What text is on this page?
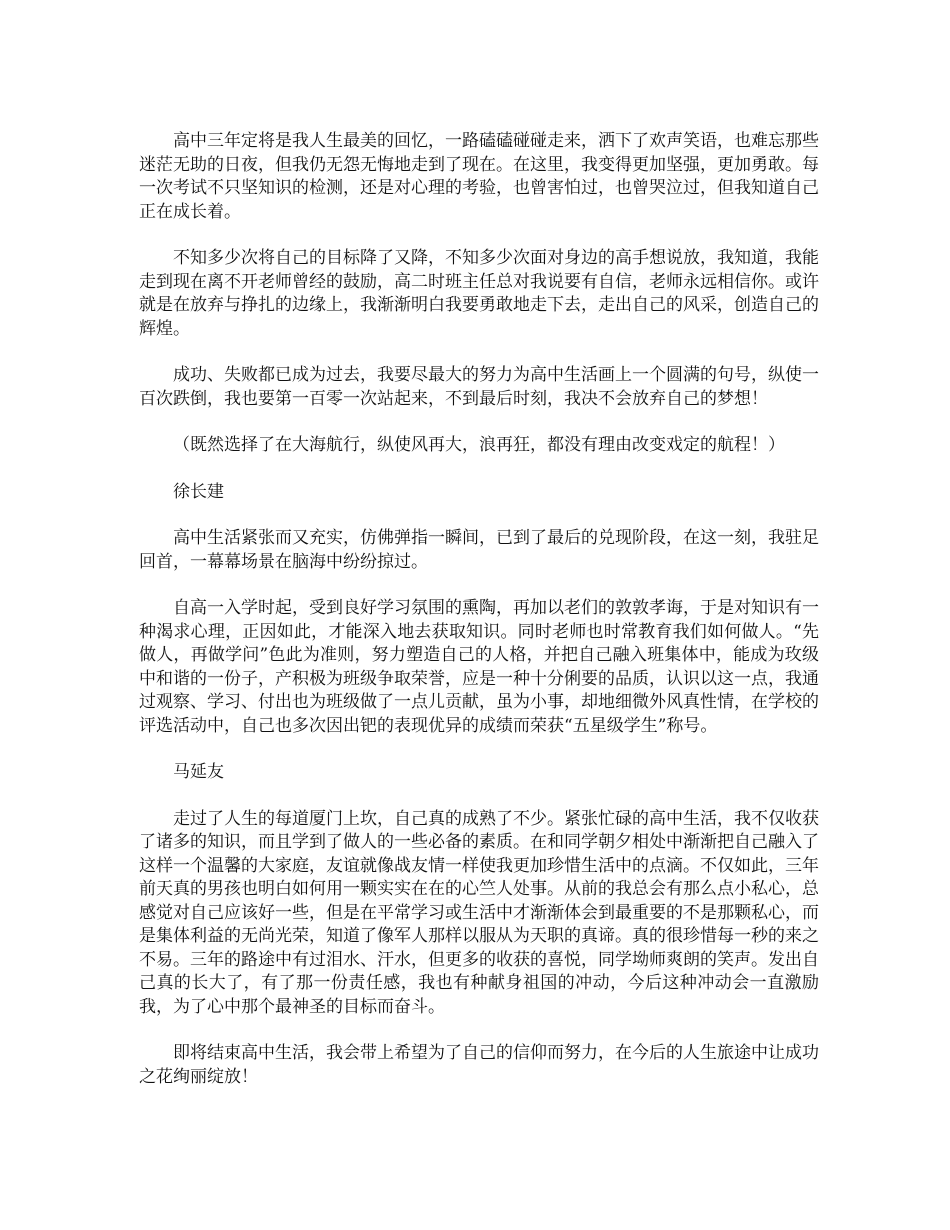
高中三年定将是我人生最美的回忆，一路磕磕碰碰走来，洒下了欢声笑语，也难忘那些迷茫无助的日夜，但我仍无怨无悔地走到了现在。在这里，我变得更加坚强，更加勇敢。每一次考试不只坚知识的检测，还是对心理的考验，也曾害怕过，也曾哭泣过，但我知道自己正在成长着。

不知多少次将自己的目标降了又降，不知多少次面对身边的高手想说放，我知道，我能走到现在离不开老师曾经的鼓励，高二时班主任总对我说要有自信，老师永远相信你。或许就是在放弃与挣扎的边缘上，我渐渐明白我要勇敢地走下去，走出自己的风采，创造自己的辉煌。

成功、失败都已成为过去，我要尽最大的努力为高中生活画上一个圆满的句号，纵使一百次跌倒，我也要第一百零一次站起来，不到最后时刻，我决不会放弃自己的梦想！

（既然选择了在大海航行，纵使风再大，浪再狂，都没有理由改变戏定的航程！）

徐长建

高中生活紧张而又充实，仿佛弹指一瞬间，已到了最后的兑现阶段，在这一刻，我驻足回首，一幕幕场景在脑海中纷纷掠过。

自高一入学时起，受到良好学习氛围的熏陶，再加以老们的敦敦孝诲，于是对知识有一种渴求心理，正因如此，才能深入地去获取知识。同时老师也时常教育我们如何做人。“先做人，再做学问”色此为准则，努力塑造自己的人格，并把自己融入班集体中，能成为玫级中和谐的一份子，产积极为班级争取荣誉，应是一种十分俐要的品质，认识以这一点，我通过观察、学习、付出也为班级做了一点儿贡献，虽为小事，却地细微外风真性情，在学校的评选活动中，自己也多次因出钯的表现优异的成绩而荣获“五星级学生”称号。

马延友

走过了人生的每道厦门上坎，自己真的成熟了不少。紧张忙碌的高中生活，我不仅收获了诸多的知识，而且学到了做人的一些必备的素质。在和同学朝夕相处中渐渐把自己融入了这样一个温馨的大家庭，友谊就像战友情一样使我更加珍惜生活中的点滴。不仅如此，三年前天真的男孩也明白如何用一颗实实在在的心竺人处事。从前的我总会有那么点小私心，总感觉对自己应该好一些，但是在平常学习或生活中才渐渐体会到最重要的不是那颗私心，而是集体利益的无尚光荣，知道了像军人那样以服从为天职的真谛。真的很珍惜每一秒的来之不易。三年的路途中有过泪水、汗水，但更多的收获的喜悦，同学坳师爽朗的笑声。发出自己真的长大了，有了那一份责任感，我也有种献身祖国的冲动，今后这种冲动会一直激励我，为了心中那个最神圣的目标而奋斗。

即将结束高中生活，我会带上希望为了自己的信仰而努力，在今后的人生旅途中让成功之花绚丽绽放！
